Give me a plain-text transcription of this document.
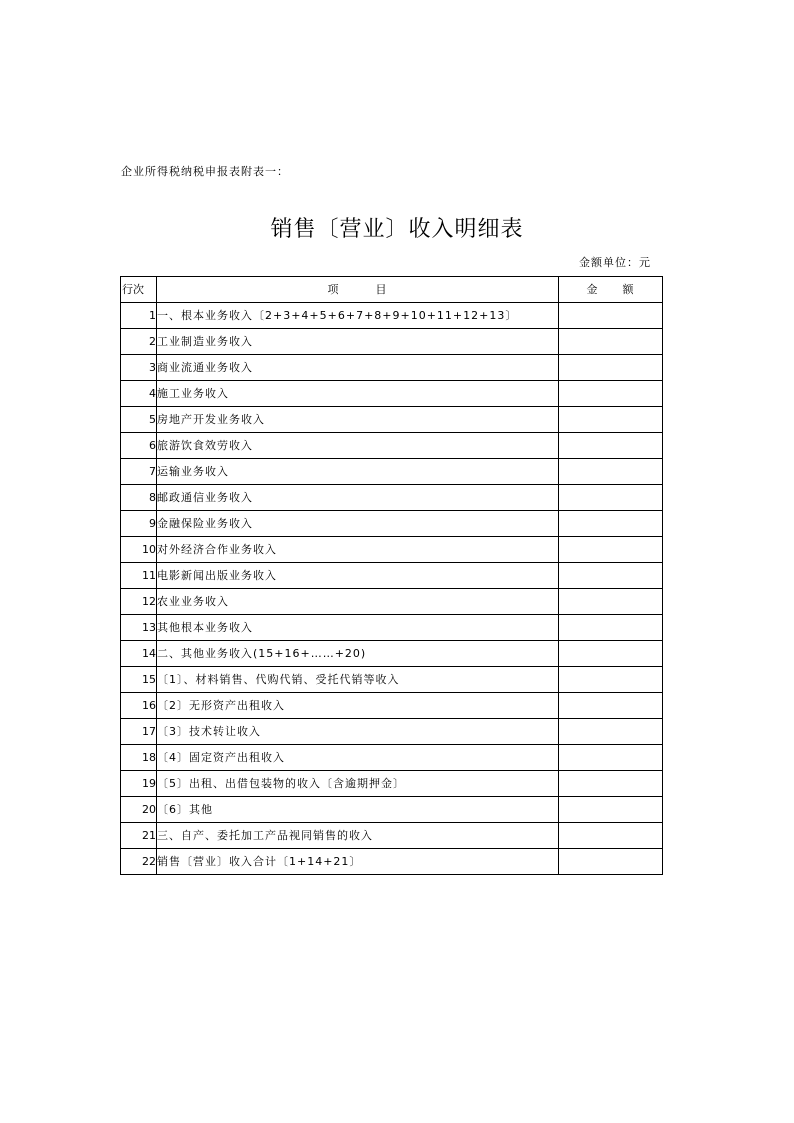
企业所得税纳税申报表附表一：
销售〔营业〕收入明细表
金额单位：元
行次	项 目	金 额
1	一、根本业务收入〔2+3+4+5+6+7+8+9+10+11+12+13〕	
2	工业制造业务收入	
3	商业流通业务收入	
4	施工业务收入	
5	房地产开发业务收入	
6	旅游饮食效劳收入	
7	运输业务收入	
8	邮政通信业务收入	
9	金融保险业务收入	
10	对外经济合作业务收入	
11	电影新闻出版业务收入	
12	农业业务收入	
13	其他根本业务收入	
14	二、其他业务收入(15+16+……+20)	
15	〔1〕、材料销售、代购代销、受托代销等收入	
16	〔2〕无形资产出租收入	
17	〔3〕技术转让收入	
18	〔4〕固定资产出租收入	
19	〔5〕出租、出借包装物的收入〔含逾期押金〕	
20	〔6〕其他	
21	三、自产、委托加工产品视同销售的收入	
22	销售〔营业〕收入合计〔1+14+21〕	
